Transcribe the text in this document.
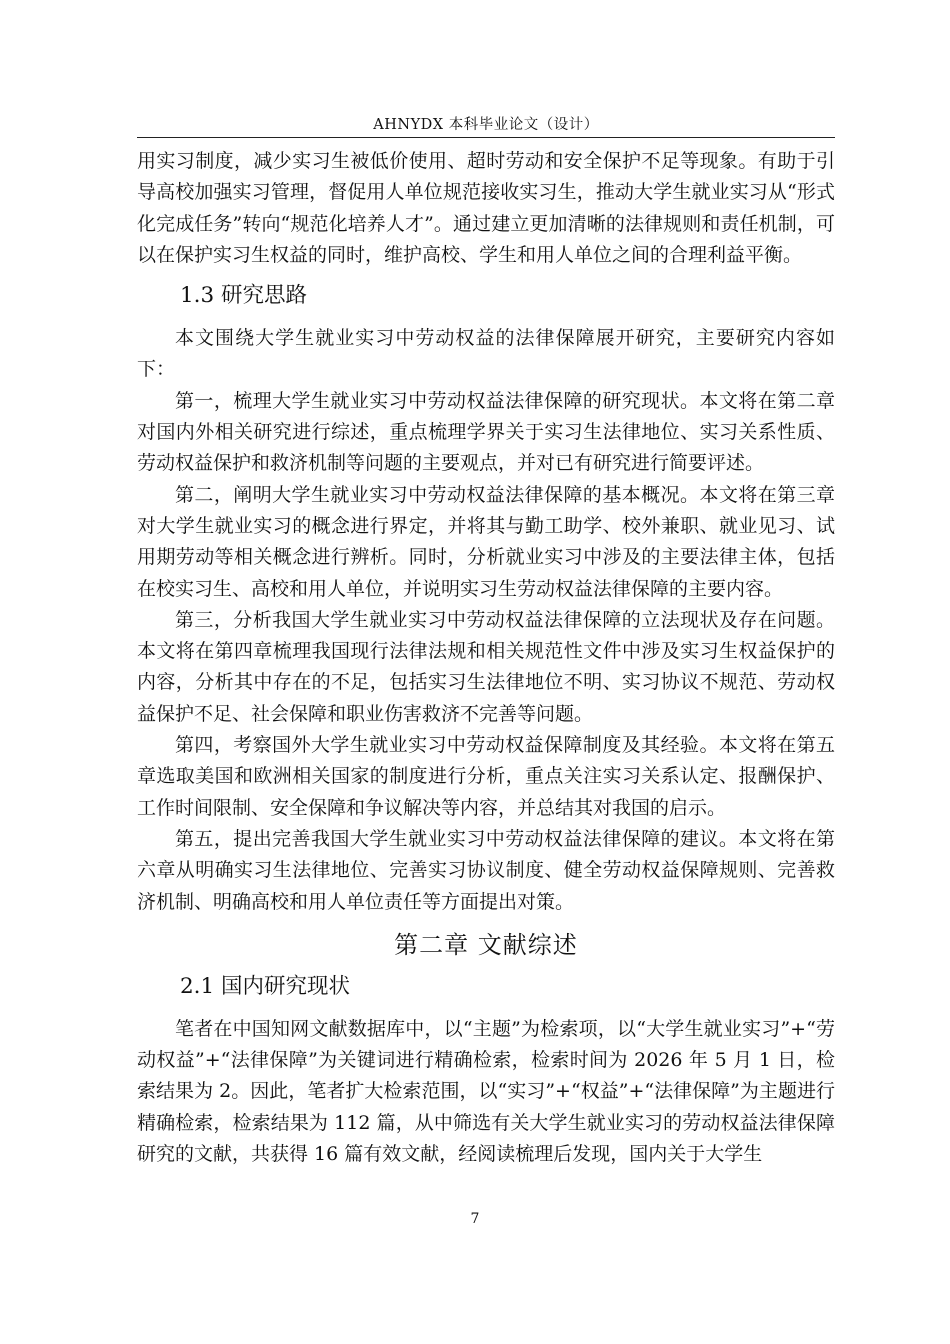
AHNYDX 本科毕业论文（设计）

用实习制度，减少实习生被低价使用、超时劳动和安全保护不足等现象。有助于引导高校加强实习管理，督促用人单位规范接收实习生，推动大学生就业实习从“形式化完成任务”转向“规范化培养人才”。通过建立更加清晰的法律规则和责任机制，可以在保护实习生权益的同时，维护高校、学生和用人单位之间的合理利益平衡。

1.3 研究思路

本文围绕大学生就业实习中劳动权益的法律保障展开研究，主要研究内容如下：

第一，梳理大学生就业实习中劳动权益法律保障的研究现状。本文将在第二章对国内外相关研究进行综述，重点梳理学界关于实习生法律地位、实习关系性质、劳动权益保护和救济机制等问题的主要观点，并对已有研究进行简要评述。

第二，阐明大学生就业实习中劳动权益法律保障的基本概况。本文将在第三章对大学生就业实习的概念进行界定，并将其与勤工助学、校外兼职、就业见习、试用期劳动等相关概念进行辨析。同时，分析就业实习中涉及的主要法律主体，包括在校实习生、高校和用人单位，并说明实习生劳动权益法律保障的主要内容。

第三，分析我国大学生就业实习中劳动权益法律保障的立法现状及存在问题。本文将在第四章梳理我国现行法律法规和相关规范性文件中涉及实习生权益保护的内容，分析其中存在的不足，包括实习生法律地位不明、实习协议不规范、劳动权益保护不足、社会保障和职业伤害救济不完善等问题。

第四，考察国外大学生就业实习中劳动权益保障制度及其经验。本文将在第五章选取美国和欧洲相关国家的制度进行分析，重点关注实习关系认定、报酬保护、工作时间限制、安全保障和争议解决等内容，并总结其对我国的启示。

第五，提出完善我国大学生就业实习中劳动权益法律保障的建议。本文将在第六章从明确实习生法律地位、完善实习协议制度、健全劳动权益保障规则、完善救济机制、明确高校和用人单位责任等方面提出对策。

第二章 文献综述
2.1 国内研究现状

笔者在中国知网文献数据库中，以“主题”为检索项，以“大学生就业实习”+“劳动权益”+“法律保障”为关键词进行精确检索，检索时间为 2026 年 5 月 1 日，检索结果为 2。因此，笔者扩大检索范围，以“实习”+“权益”+“法律保障”为主题进行精确检索，检索结果为 112 篇，从中筛选有关大学生就业实习的劳动权益法律保障研究的文献，共获得 16 篇有效文献，经阅读梳理后发现，国内关于大学生

7
